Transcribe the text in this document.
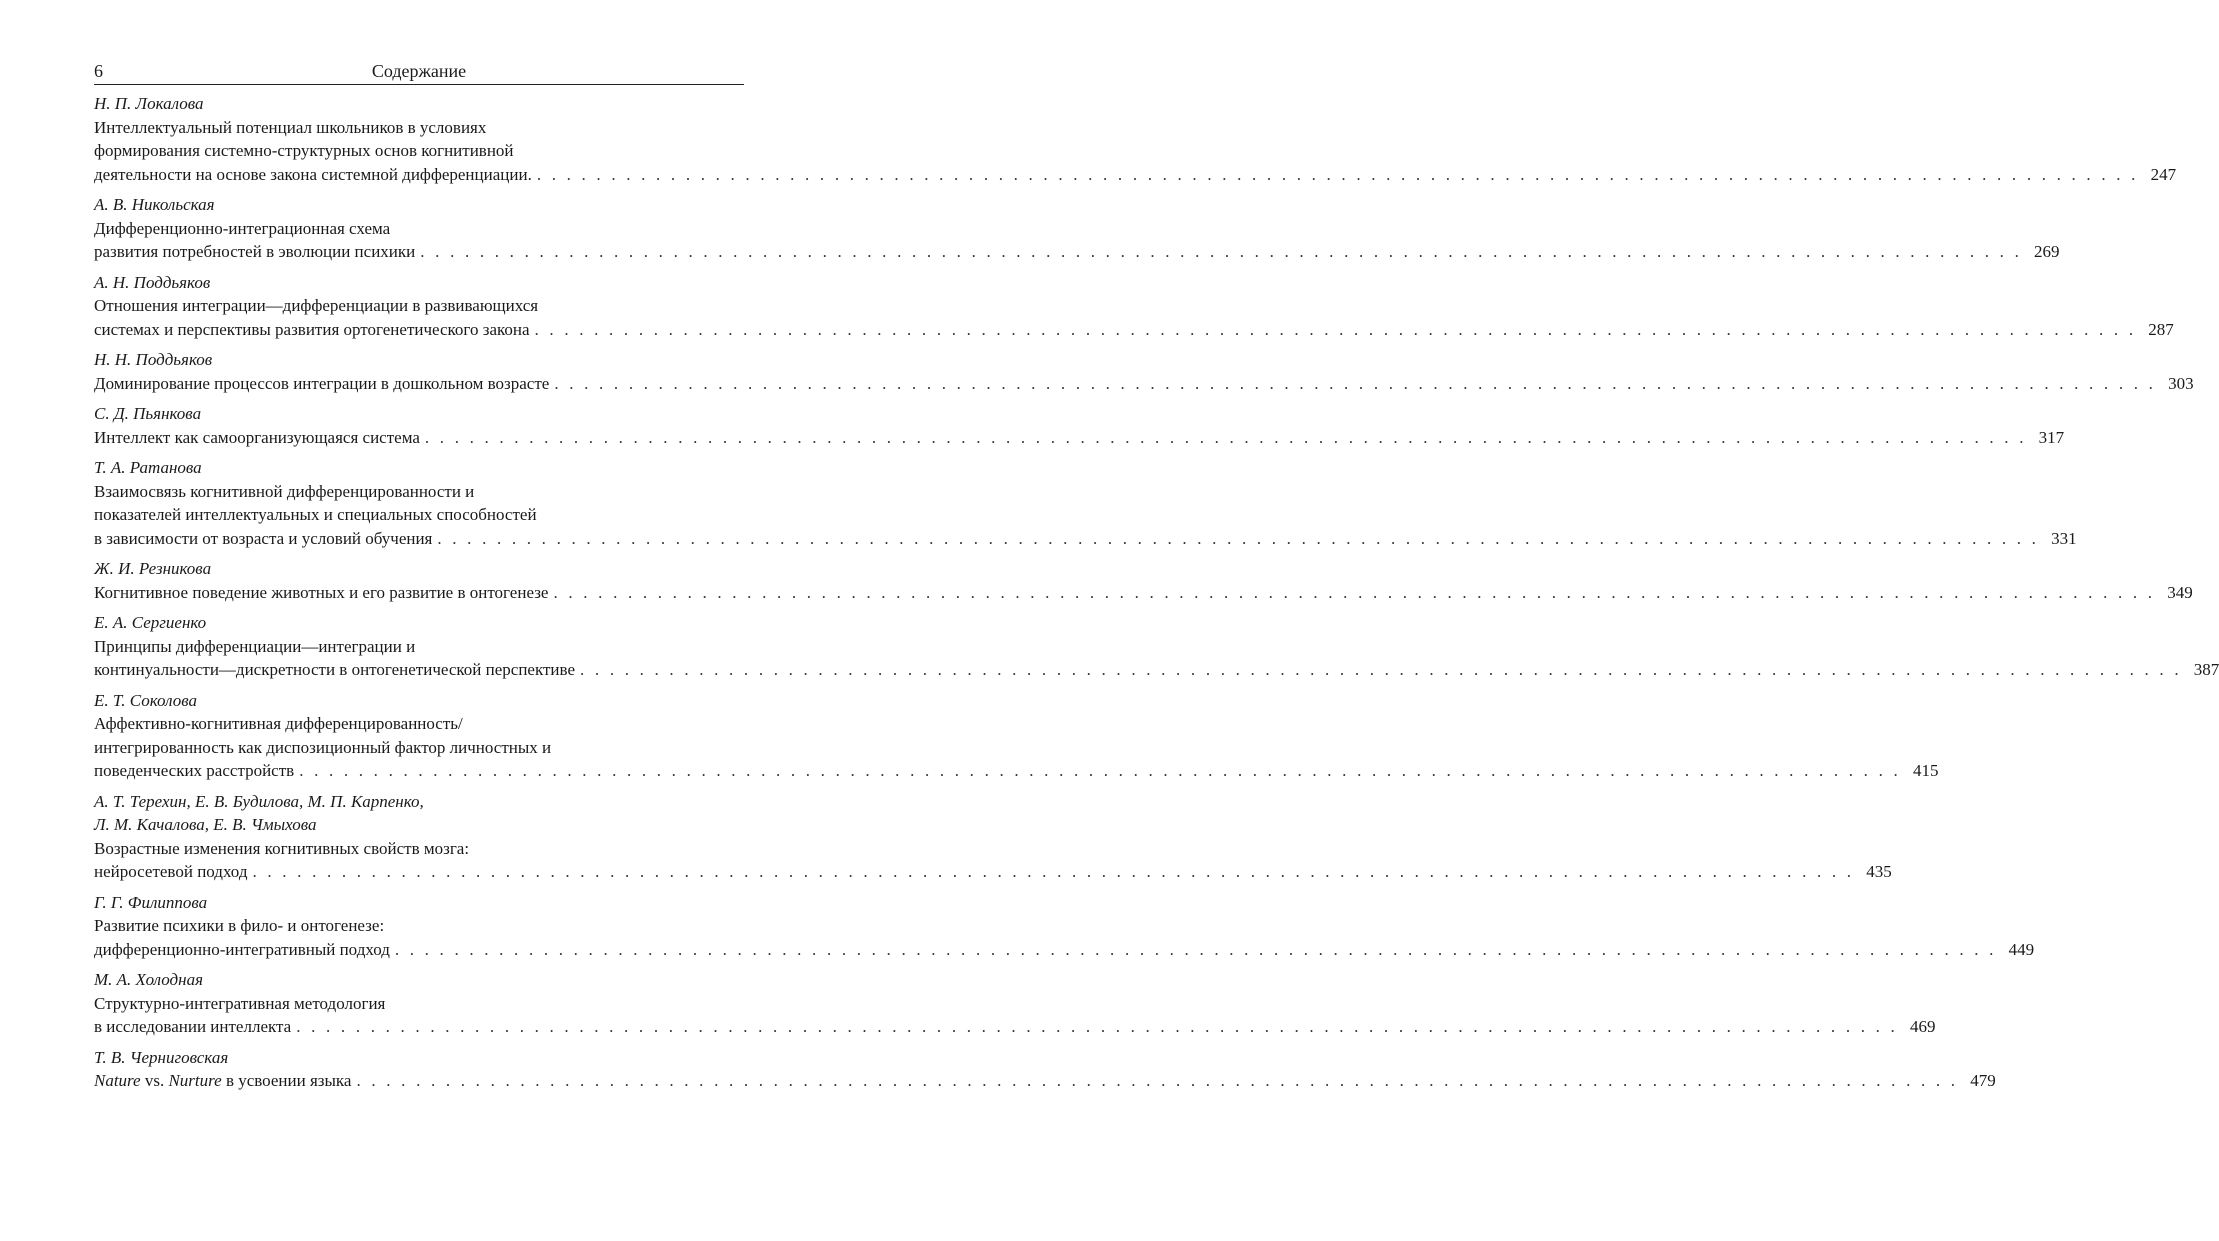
6	Содержание
Н. П. Локалова
Интеллектуальный потенциал школьников в условиях
формирования системно-структурных основ когнитивной
деятельности на основе закона системной дифференциации. . . . . . . . . . . . . . . . . . . . . . . . . . . . . . . . . . . . . . . . . . . . . . . . . . . . . . . . . . . . . . . . . . . . . . . . . . . . . . . . . . . . . . . . . . . . . . . . . . . . . . . . . . . . . 247
А. В. Никольская
Дифференционно-интеграционная схема
развития потребностей в эволюции психики . . . . . . . . . . . . . . . . . . . . . . . . . . . . . . . . . . . . . . . . . . . . . . . . . . . . . . . . . . . . . . . . . . . . . . . . . . . . . . . . . . . . . . . . . . . . . . . . . . . . . . . . . . . . 269
А. Н. Поддьяков
Отношения интеграции—дифференциации в развивающихся
системах и перспективы развития ортогенетического закона . . . . . . . . . . . . . . . . . . . . . . . . . . . . . . . . . . . . . . . . . . . . . . . . . . . . . . . . . . . . . . . . . . . . . . . . . . . . . . . . . . . . . . . . . . . . . . . . . . . . . . . . . . . . 287
Н. Н. Поддьяков
Доминирование процессов интеграции в дошкольном возрасте . . . . . . . . . . . . . . . . . . . . . . . . . . . . . . . . . . . . . . . . . . . . . . . . . . . . . . . . . . . . . . . . . . . . . . . . . . . . . . . . . . . . . . . . . . . . . . . . . . . . . . . . . . . . 303
С. Д. Пьянкова
Интеллект как самоорганизующаяся система . . . . . . . . . . . . . . . . . . . . . . . . . . . . . . . . . . . . . . . . . . . . . . . . . . . . . . . . . . . . . . . . . . . . . . . . . . . . . . . . . . . . . . . . . . . . . . . . . . . . . . . . . . . . 317
Т. А. Ратанова
Взаимосвязь когнитивной дифференцированности и
показателей интеллектуальных и специальных способностей
в зависимости от возраста и условий обучения . . . . . . . . . . . . . . . . . . . . . . . . . . . . . . . . . . . . . . . . . . . . . . . . . . . . . . . . . . . . . . . . . . . . . . . . . . . . . . . . . . . . . . . . . . . . . . . . . . . . . . . . . . . . 331
Ж. И. Резникова
Когнитивное поведение животных и его развитие в онтогенезе . . . . . . . . . . . . . . . . . . . . . . . . . . . . . . . . . . . . . . . . . . . . . . . . . . . . . . . . . . . . . . . . . . . . . . . . . . . . . . . . . . . . . . . . . . . . . . . . . . . . . . . . . . . . 349
Е. А. Сергиенко
Принципы дифференциации—интеграции и
континуальности—дискретности в онтогенетической перспективе . . . . . . . . . . . . . . . . . . . . . . . . . . . . . . . . . . . . . . . . . . . . . . . . . . . . . . . . . . . . . . . . . . . . . . . . . . . . . . . . . . . . . . . . . . . . . . . . . . . . . . . . . . . . 387
Е. Т. Соколова
Аффективно-когнитивная дифференцированность/
интегрированность как диспозиционный фактор личностных и
поведенческих расстройств . . . . . . . . . . . . . . . . . . . . . . . . . . . . . . . . . . . . . . . . . . . . . . . . . . . . . . . . . . . . . . . . . . . . . . . . . . . . . . . . . . . . . . . . . . . . . . . . . . . . . . . . . . . . 415
А. Т. Терехин, Е. В. Будилова, М. П. Карпенко,
Л. М. Качалова, Е. В. Чмыхова
Возрастные изменения когнитивных свойств мозга:
нейросетевой подход . . . . . . . . . . . . . . . . . . . . . . . . . . . . . . . . . . . . . . . . . . . . . . . . . . . . . . . . . . . . . . . . . . . . . . . . . . . . . . . . . . . . . . . . . . . . . . . . . . . . . . . . . . . . 435
Г. Г. Филиппова
Развитие психики в фило- и онтогенезе:
дифференционно-интегративный подход . . . . . . . . . . . . . . . . . . . . . . . . . . . . . . . . . . . . . . . . . . . . . . . . . . . . . . . . . . . . . . . . . . . . . . . . . . . . . . . . . . . . . . . . . . . . . . . . . . . . . . . . . . . . 449
М. А. Холодная
Структурно-интегративная методология
в исследовании интеллекта . . . . . . . . . . . . . . . . . . . . . . . . . . . . . . . . . . . . . . . . . . . . . . . . . . . . . . . . . . . . . . . . . . . . . . . . . . . . . . . . . . . . . . . . . . . . . . . . . . . . . . . . . . . . 469
Т. В. Черниговская
Nature vs. Nurture в усвоении языка . . . . . . . . . . . . . . . . . . . . . . . . . . . . . . . . . . . . . . . . . . . . . . . . . . . . . . . . . . . . . . . . . . . . . . . . . . . . . . . . . . . . . . . . . . . . . . . . . . . . . . . . . . . . 479
